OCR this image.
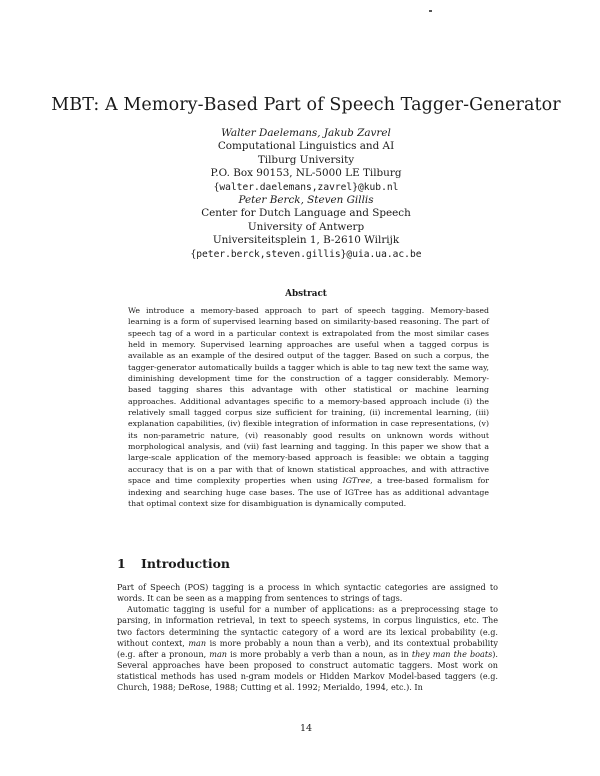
MBT: A Memory-Based Part of Speech Tagger-Generator
Walter Daelemans, Jakub Zavrel
Computational Linguistics and AI
Tilburg University
P.O. Box 90153, NL-5000 LE Tilburg
{walter.daelemans,zavrel}@kub.nl
Peter Berck, Steven Gillis
Center for Dutch Language and Speech
University of Antwerp
Universiteitsplein 1, B-2610 Wilrijk
{peter.berck,steven.gillis}@uia.ua.ac.be
Abstract
We introduce a memory-based approach to part of speech tagging. Memory-based learning is a form of supervised learning based on similarity-based reasoning. The part of speech tag of a word in a particular context is extrapolated from the most similar cases held in memory. Supervised learning approaches are useful when a tagged corpus is available as an example of the desired output of the tagger. Based on such a corpus, the tagger-generator automatically builds a tagger which is able to tag new text the same way, diminishing development time for the construction of a tagger considerably. Memory-based tagging shares this advantage with other statistical or machine learning approaches. Additional advantages specific to a memory-based approach include (i) the relatively small tagged corpus size sufficient for training, (ii) incremental learning, (iii) explanation capabilities, (iv) flexible integration of information in case representations, (v) its non-parametric nature, (vi) reasonably good results on unknown words without morphological analysis, and (vii) fast learning and tagging. In this paper we show that a large-scale application of the memory-based approach is feasible: we obtain a tagging accuracy that is on a par with that of known statistical approaches, and with attractive space and time complexity properties when using IGTree, a tree-based formalism for indexing and searching huge case bases. The use of IGTree has as additional advantage that optimal context size for disambiguation is dynamically computed.
1 Introduction

Part of Speech (POS) tagging is a process in which syntactic categories are assigned to words. It can be seen as a mapping from sentences to strings of tags.

Automatic tagging is useful for a number of applications: as a preprocessing stage to parsing, in information retrieval, in text to speech systems, in corpus linguistics, etc. The two factors determining the syntactic category of a word are its lexical probability (e.g. without context, man is more probably a noun than a verb), and its contextual probability (e.g. after a pronoun, man is more probably a verb than a noun, as in they man the boats). Several approaches have been proposed to construct automatic taggers. Most work on statistical methods has used n-gram models or Hidden Markov Model-based taggers (e.g. Church, 1988; DeRose, 1988; Cutting et al. 1992; Merialdo, 1994, etc.). In

14
